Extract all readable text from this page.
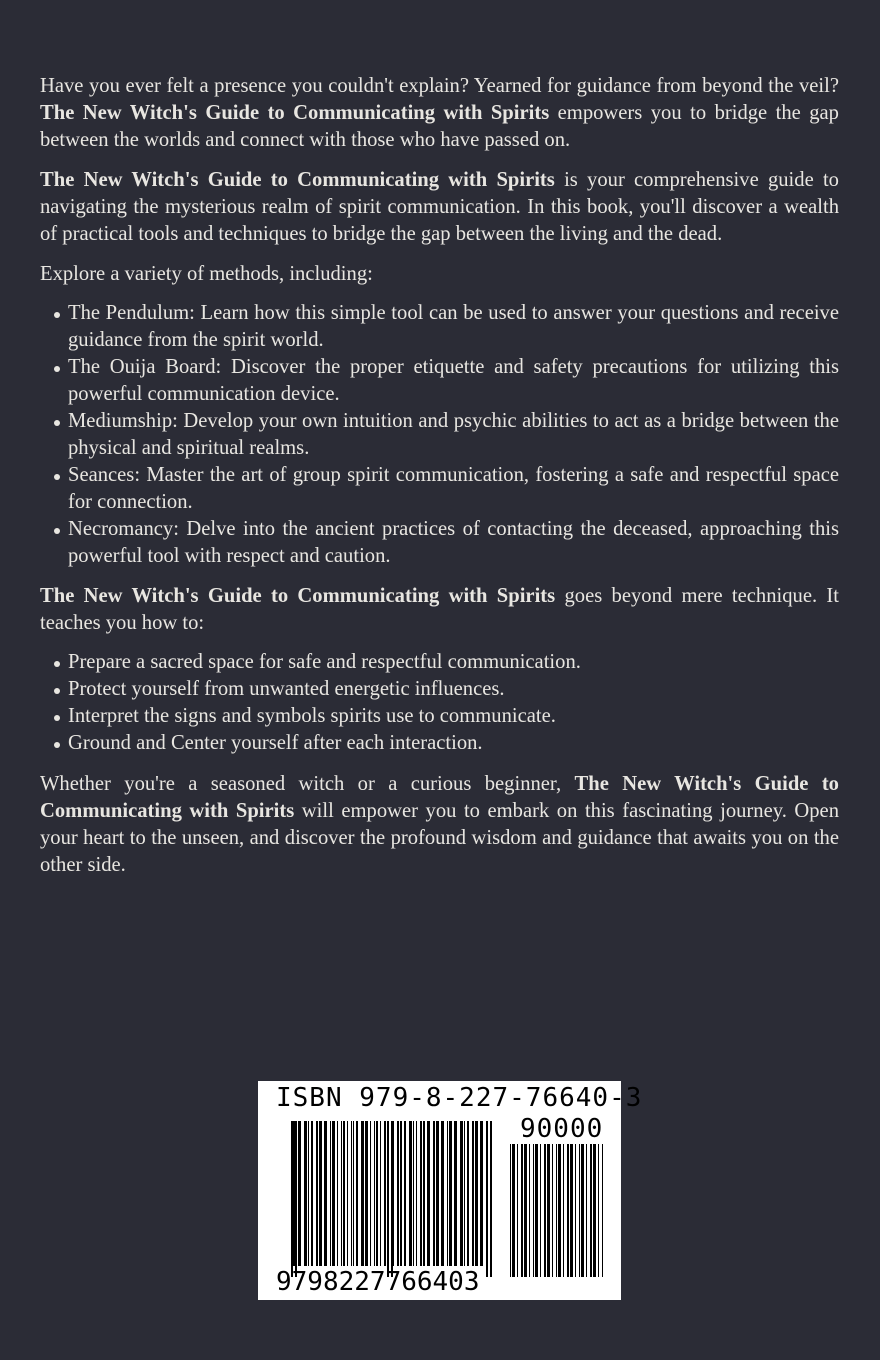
Have you ever felt a presence you couldn't explain? Yearned for guidance from beyond the veil? The New Witch's Guide to Communicating with Spirits empowers you to bridge the gap between the worlds and connect with those who have passed on.

The New Witch's Guide to Communicating with Spirits is your comprehensive guide to navigating the mysterious realm of spirit communication. In this book, you'll discover a wealth of practical tools and techniques to bridge the gap between the living and the dead.

Explore a variety of methods, including:

The Pendulum: Learn how this simple tool can be used to answer your questions and receive guidance from the spirit world.
The Ouija Board: Discover the proper etiquette and safety precautions for utilizing this powerful communication device.
Mediumship: Develop your own intuition and psychic abilities to act as a bridge between the physical and spiritual realms.
Seances: Master the art of group spirit communication, fostering a safe and respectful space for connection.
Necromancy: Delve into the ancient practices of contacting the deceased, approaching this powerful tool with respect and caution.

The New Witch's Guide to Communicating with Spirits goes beyond mere technique. It teaches you how to:

Prepare a sacred space for safe and respectful communication.
Protect yourself from unwanted energetic influences.
Interpret the signs and symbols spirits use to communicate.
Ground and Center yourself after each interaction.

Whether you're a seasoned witch or a curious beginner, The New Witch's Guide to Communicating with Spirits will empower you to embark on this fascinating journey. Open your heart to the unseen, and discover the profound wisdom and guidance that awaits you on the other side.

ISBN 979-8-227-76640-3
90000
9798227766403
